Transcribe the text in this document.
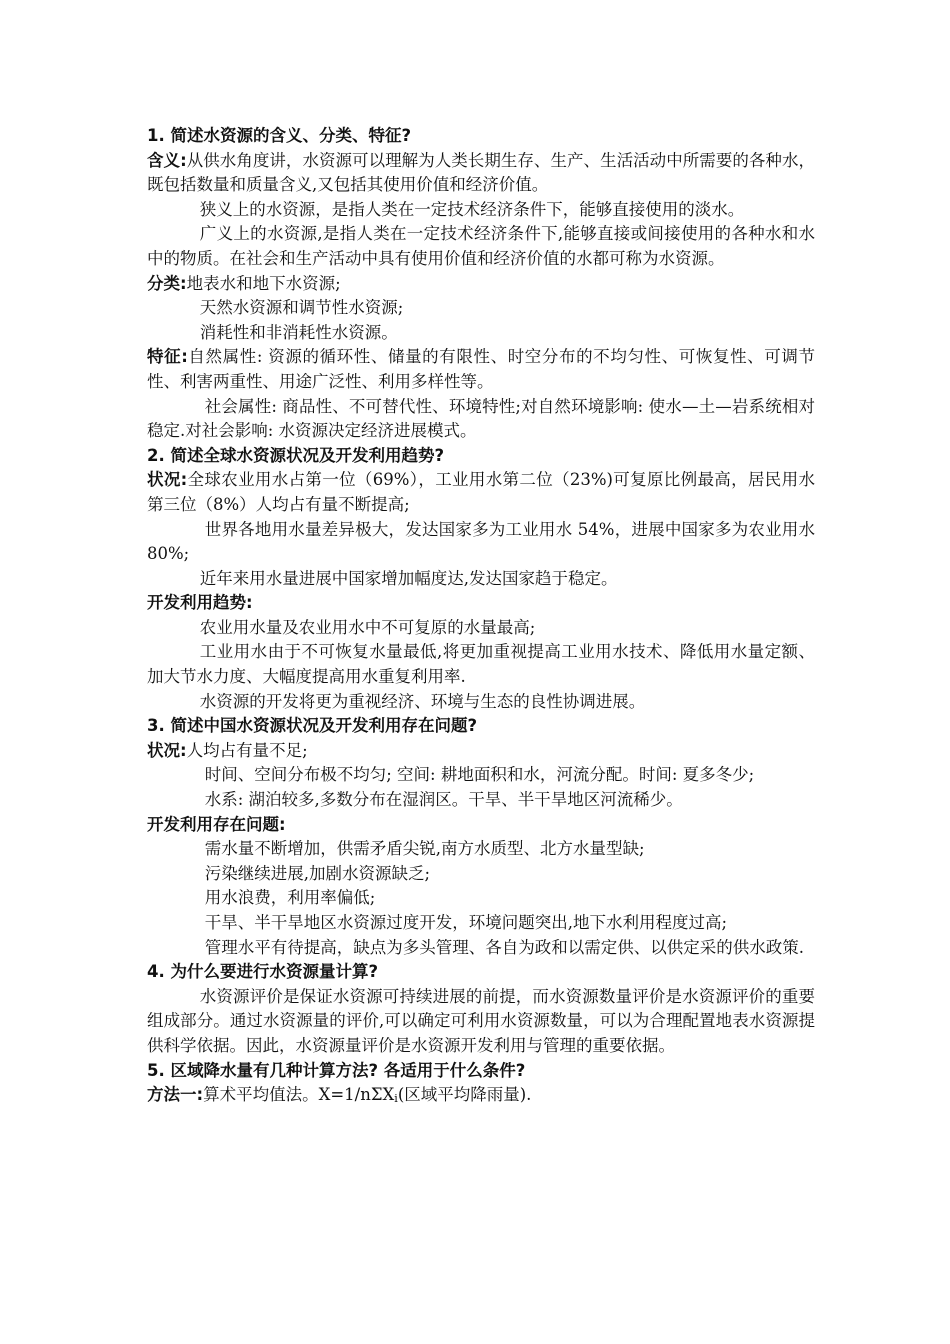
1. 简述水资源的含义、分类、特征?

含义:从供水角度讲，水资源可以理解为人类长期生存、生产、生活活动中所需要的各种水，既包括数量和质量含义,又包括其使用价值和经济价值。

狭义上的水资源，是指人类在一定技术经济条件下，能够直接使用的淡水。

广义上的水资源,是指人类在一定技术经济条件下,能够直接或间接使用的各种水和水中的物质。在社会和生产活动中具有使用价值和经济价值的水都可称为水资源。

分类:地表水和地下水资源;

天然水资源和调节性水资源;

消耗性和非消耗性水资源。

特征:自然属性: 资源的循环性、储量的有限性、时空分布的不均匀性、可恢复性、可调节性、利害两重性、用途广泛性、利用多样性等。

社会属性: 商品性、不可替代性、环境特性;对自然环境影响: 使水—土—岩系统相对稳定.对社会影响: 水资源决定经济进展模式。

2. 简述全球水资源状况及开发利用趋势?

状况:全球农业用水占第一位（69%），工业用水第二位（23%)可复原比例最高，居民用水第三位（8%）人均占有量不断提高;

世界各地用水量差异极大，发达国家多为工业用水 54%，进展中国家多为农业用水 80%;

近年来用水量进展中国家增加幅度达,发达国家趋于稳定。

开发利用趋势:

农业用水量及农业用水中不可复原的水量最高;

工业用水由于不可恢复水量最低,将更加重视提高工业用水技术、降低用水量定额、加大节水力度、大幅度提高用水重复利用率.

水资源的开发将更为重视经济、环境与生态的良性协调进展。

3. 简述中国水资源状况及开发利用存在问题?

状况:人均占有量不足;

时间、空间分布极不均匀; 空间: 耕地面积和水，河流分配。时间: 夏多冬少;

水系: 湖泊较多,多数分布在湿润区。干旱、半干旱地区河流稀少。

开发利用存在问题:

需水量不断增加，供需矛盾尖锐,南方水质型、北方水量型缺;

污染继续进展,加剧水资源缺乏;

用水浪费，利用率偏低;

干旱、半干旱地区水资源过度开发，环境问题突出,地下水利用程度过高;

管理水平有待提高，缺点为多头管理、各自为政和以需定供、以供定采的供水政策.

4. 为什么要进行水资源量计算?

水资源评价是保证水资源可持续进展的前提，而水资源数量评价是水资源评价的重要组成部分。通过水资源量的评价,可以确定可利用水资源数量，可以为合理配置地表水资源提供科学依据。因此，水资源量评价是水资源开发利用与管理的重要依据。

5. 区域降水量有几种计算方法? 各适用于什么条件?

方法一:算术平均值法。X=1/nΣXi(区域平均降雨量).
